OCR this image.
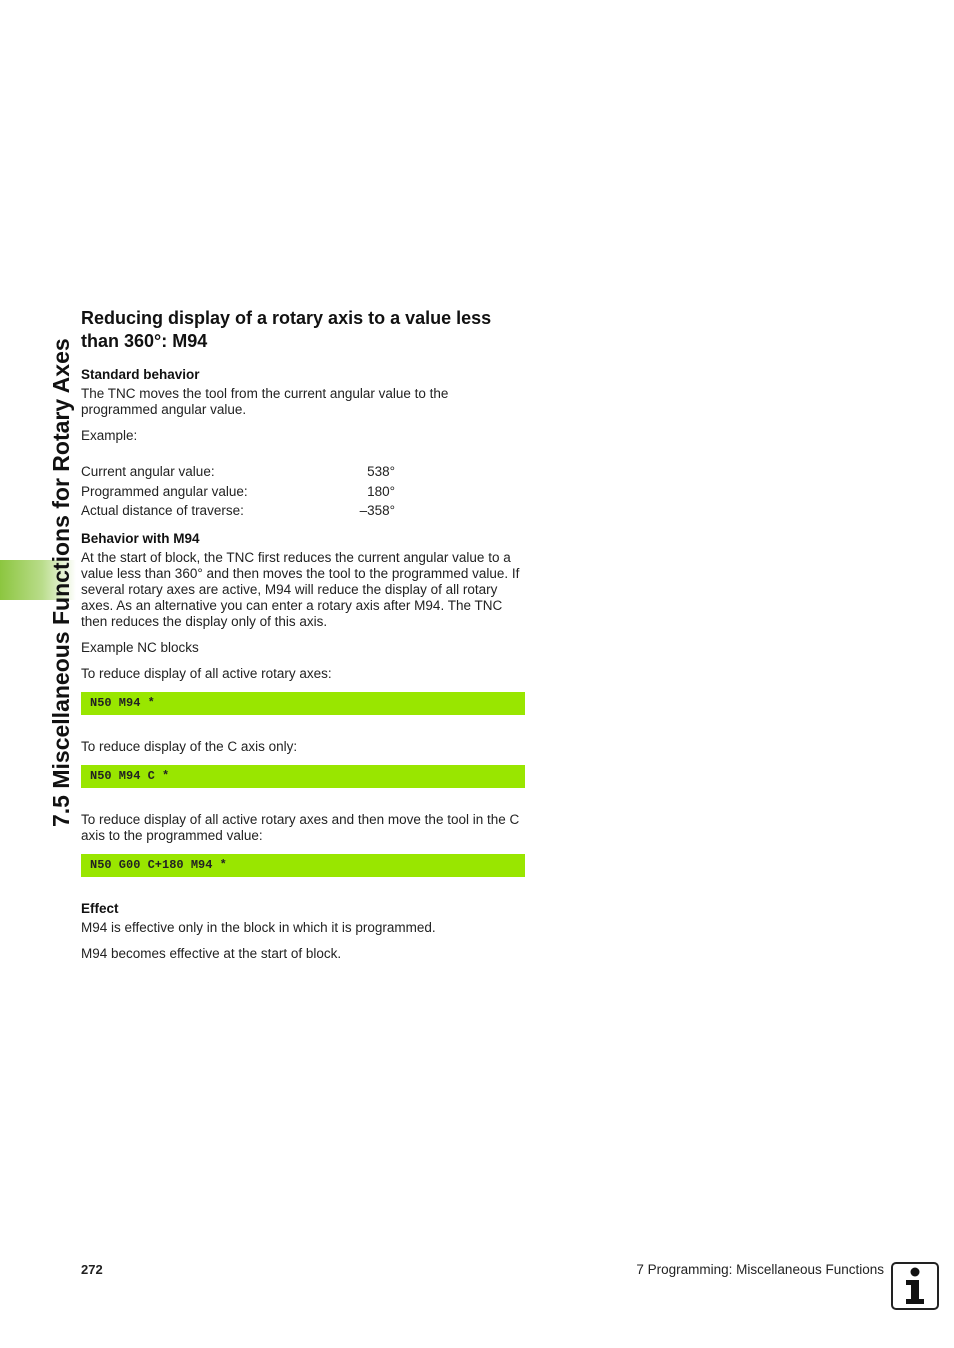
7.5 Miscellaneous Functions for Rotary Axes
Reducing display of a rotary axis to a value less than 360°: M94
Standard behavior

The TNC moves the tool from the current angular value to the programmed angular value.

Example:

Current angular value:	538°
Programmed angular value:	180°
Actual distance of traverse:	–358°
Behavior with M94

At the start of block, the TNC first reduces the current angular value to a value less than 360° and then moves the tool to the programmed value. If several rotary axes are active, M94 will reduce the display of all rotary axes. As an alternative you can enter a rotary axis after M94. The TNC then reduces the display only of this axis.

Example NC blocks

To reduce display of all active rotary axes:

N50 M94 *

To reduce display of the C axis only:

N50 M94 C *

To reduce display of all active rotary axes and then move the tool in the C axis to the programmed value:

N50 G00 C+180 M94 *
Effect

M94 is effective only in the block in which it is programmed.

M94 becomes effective at the start of block.

272	7 Programming: Miscellaneous Functions
